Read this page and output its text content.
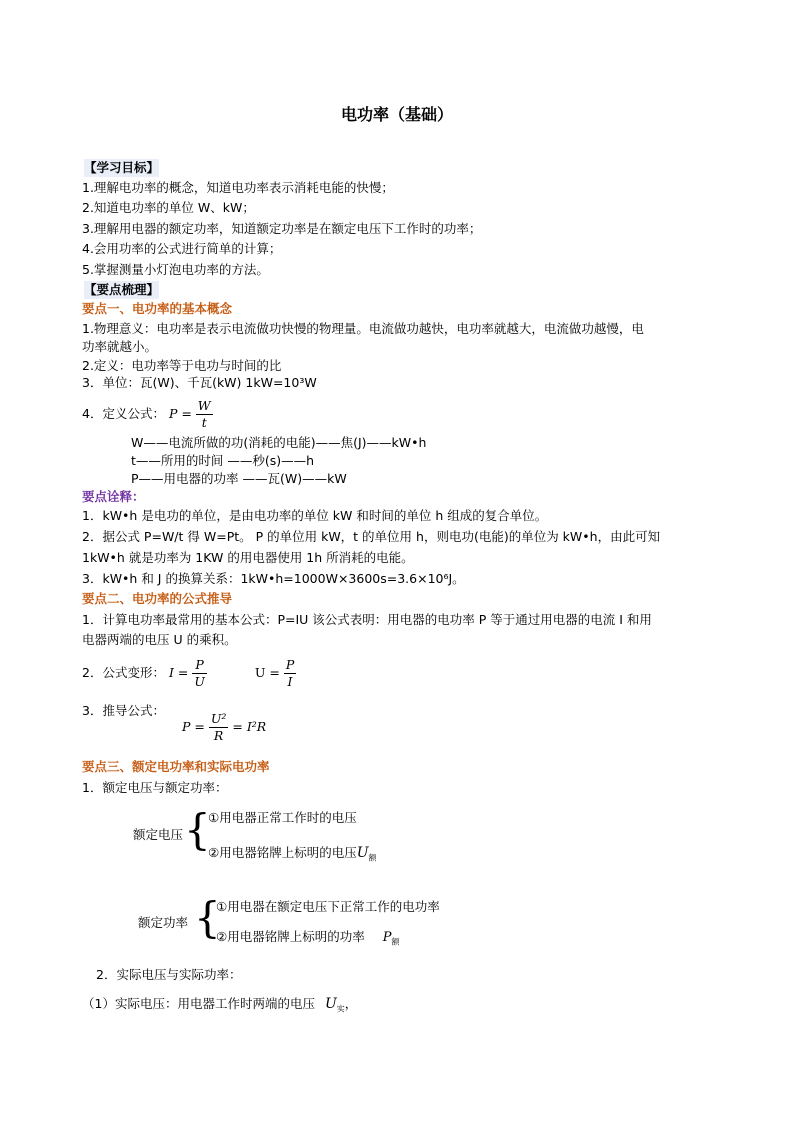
电功率（基础）
【学习目标】
1.理解电功率的概念，知道电功率表示消耗电能的快慢；
2.知道电功率的单位 W、kW；
3.理解用电器的额定功率，知道额定功率是在额定电压下工作时的功率；
4.会用功率的公式进行简单的计算；
5.掌握测量小灯泡电功率的方法。
【要点梳理】
要点一、电功率的基本概念
1.物理意义：电功率是表示电流做功快慢的物理量。电流做功越快，电功率就越大，电流做功越慢，电
功率就越小。
2.定义：电功率等于电功与时间的比
3．单位：瓦(W)、千瓦(kW) 1kW=10³W
4．定义公式： $P = \frac{W}{t}$
W——电流所做的功(消耗的电能)——焦(J)——kW•h
t——所用的时间 ——秒(s)——h
P——用电器的功率 ——瓦(W)——kW
要点诠释：
1．kW•h 是电功的单位，是由电功率的单位 kW 和时间的单位 h 组成的复合单位。
2．据公式 P=W/t 得 W=Pt。 P 的单位用 kW，t 的单位用 h，则电功(电能)的单位为 kW•h，由此可知
1kW•h 就是功率为 1KW 的用电器使用 1h 所消耗的电能。
3．kW•h 和 J 的换算关系：1kW•h=1000W×3600s=3.6×10⁶J。
要点二、电功率的公式推导
1．计算电功率最常用的基本公式：P=IU 该公式表明：用电器的电功率 P 等于通过用电器的电流 I 和用
电器两端的电压 U 的乘积。
2．公式变形： $I = \frac{P}{U}$	$U = \frac{P}{I}$
3．推导公式：
$P = \frac{\text{U²}}{R} = I^2R$
要点三、额定电功率和实际电功率
1．额定电压与额定功率：
额定电压 {
①用电器正常工作时的电压
②用电器铭牌上标明的电压$U_额$
额定功率 {
①用电器在额定电压下正常工作的电功率
②用电器铭牌上标明的功率 $P_额$
2．实际电压与实际功率：
（1）实际电压：用电器工作时两端的电压 $U_实$，
